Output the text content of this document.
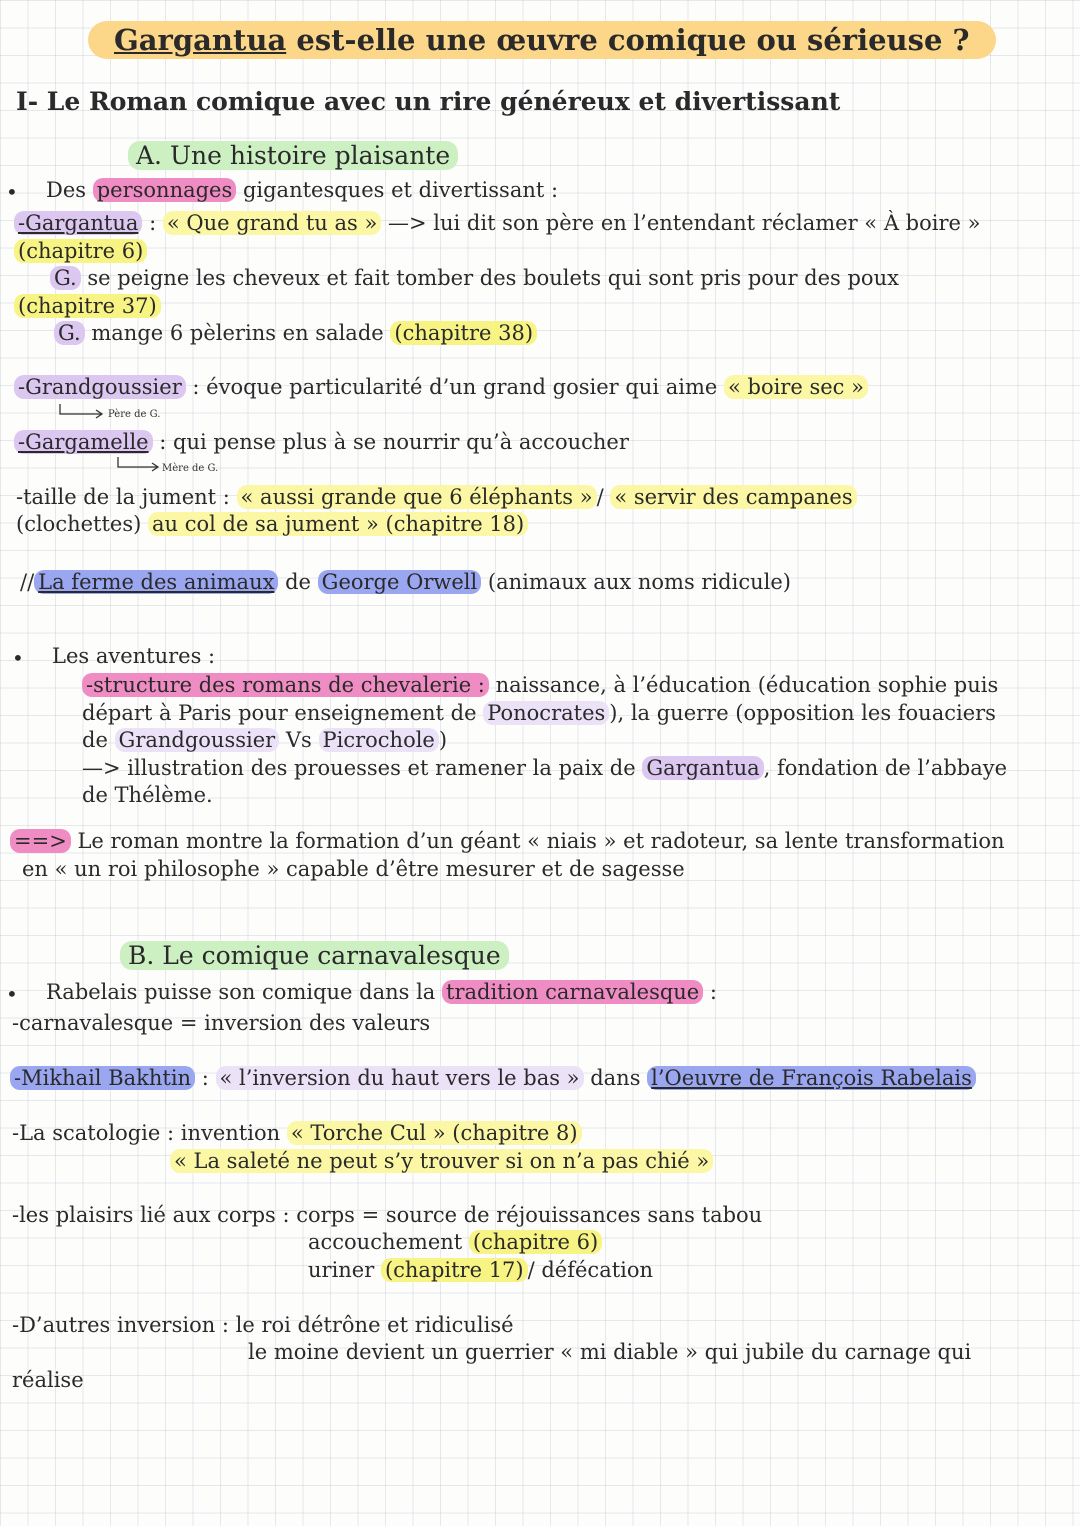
Gargantua est-elle une œuvre comique ou sérieuse ?
I- Le Roman comique avec un rire généreux et divertissant
A. Une histoire plaisante
• Des personnages gigantesques et divertissant :
-Gargantua : « Que grand tu as » —> lui dit son père en l’entendant réclamer « À boire »
(chapitre 6)
G. se peigne les cheveux et fait tomber des boulets qui sont pris pour des poux
(chapitre 37)
G. mange 6 pèlerins en salade (chapitre 38)
-Grandgoussier : évoque particularité d’un grand gosier qui aime « boire sec »
Père de G.
-Gargamelle : qui pense plus à se nourrir qu’à accoucher
Mère de G.
-taille de la jument : « aussi grande que 6 éléphants » / « servir des campanes
(clochettes) au col de sa jument » (chapitre 18)
// La ferme des animaux de George Orwell (animaux aux noms ridicule)
• Les aventures :
-structure des romans de chevalerie : naissance, à l’éducation (éducation sophie puis
départ à Paris pour enseignement de Ponocrates ), la guerre (opposition les fouaciers
de Grandgoussier Vs Picrochole )
—> illustration des prouesses et ramener la paix de Gargantua , fondation de l’abbaye
de Thélème.
==> Le roman montre la formation d’un géant « niais » et radoteur, sa lente transformation
en « un roi philosophe » capable d’être mesurer et de sagesse
B. Le comique carnavalesque
• Rabelais puisse son comique dans la tradition carnavalesque :
-carnavalesque = inversion des valeurs
-Mikhail Bakhtin : « l’inversion du haut vers le bas » dans l’Oeuvre de François Rabelais
-La scatologie : invention « Torche Cul » (chapitre 8)
« La saleté ne peut s’y trouver si on n’a pas chié »
-les plaisirs lié aux corps : corps = source de réjouissances sans tabou
accouchement (chapitre 6)
uriner (chapitre 17) / défécation
-D’autres inversion : le roi détrône et ridiculisé
le moine devient un guerrier « mi diable » qui jubile du carnage qui
réalise
